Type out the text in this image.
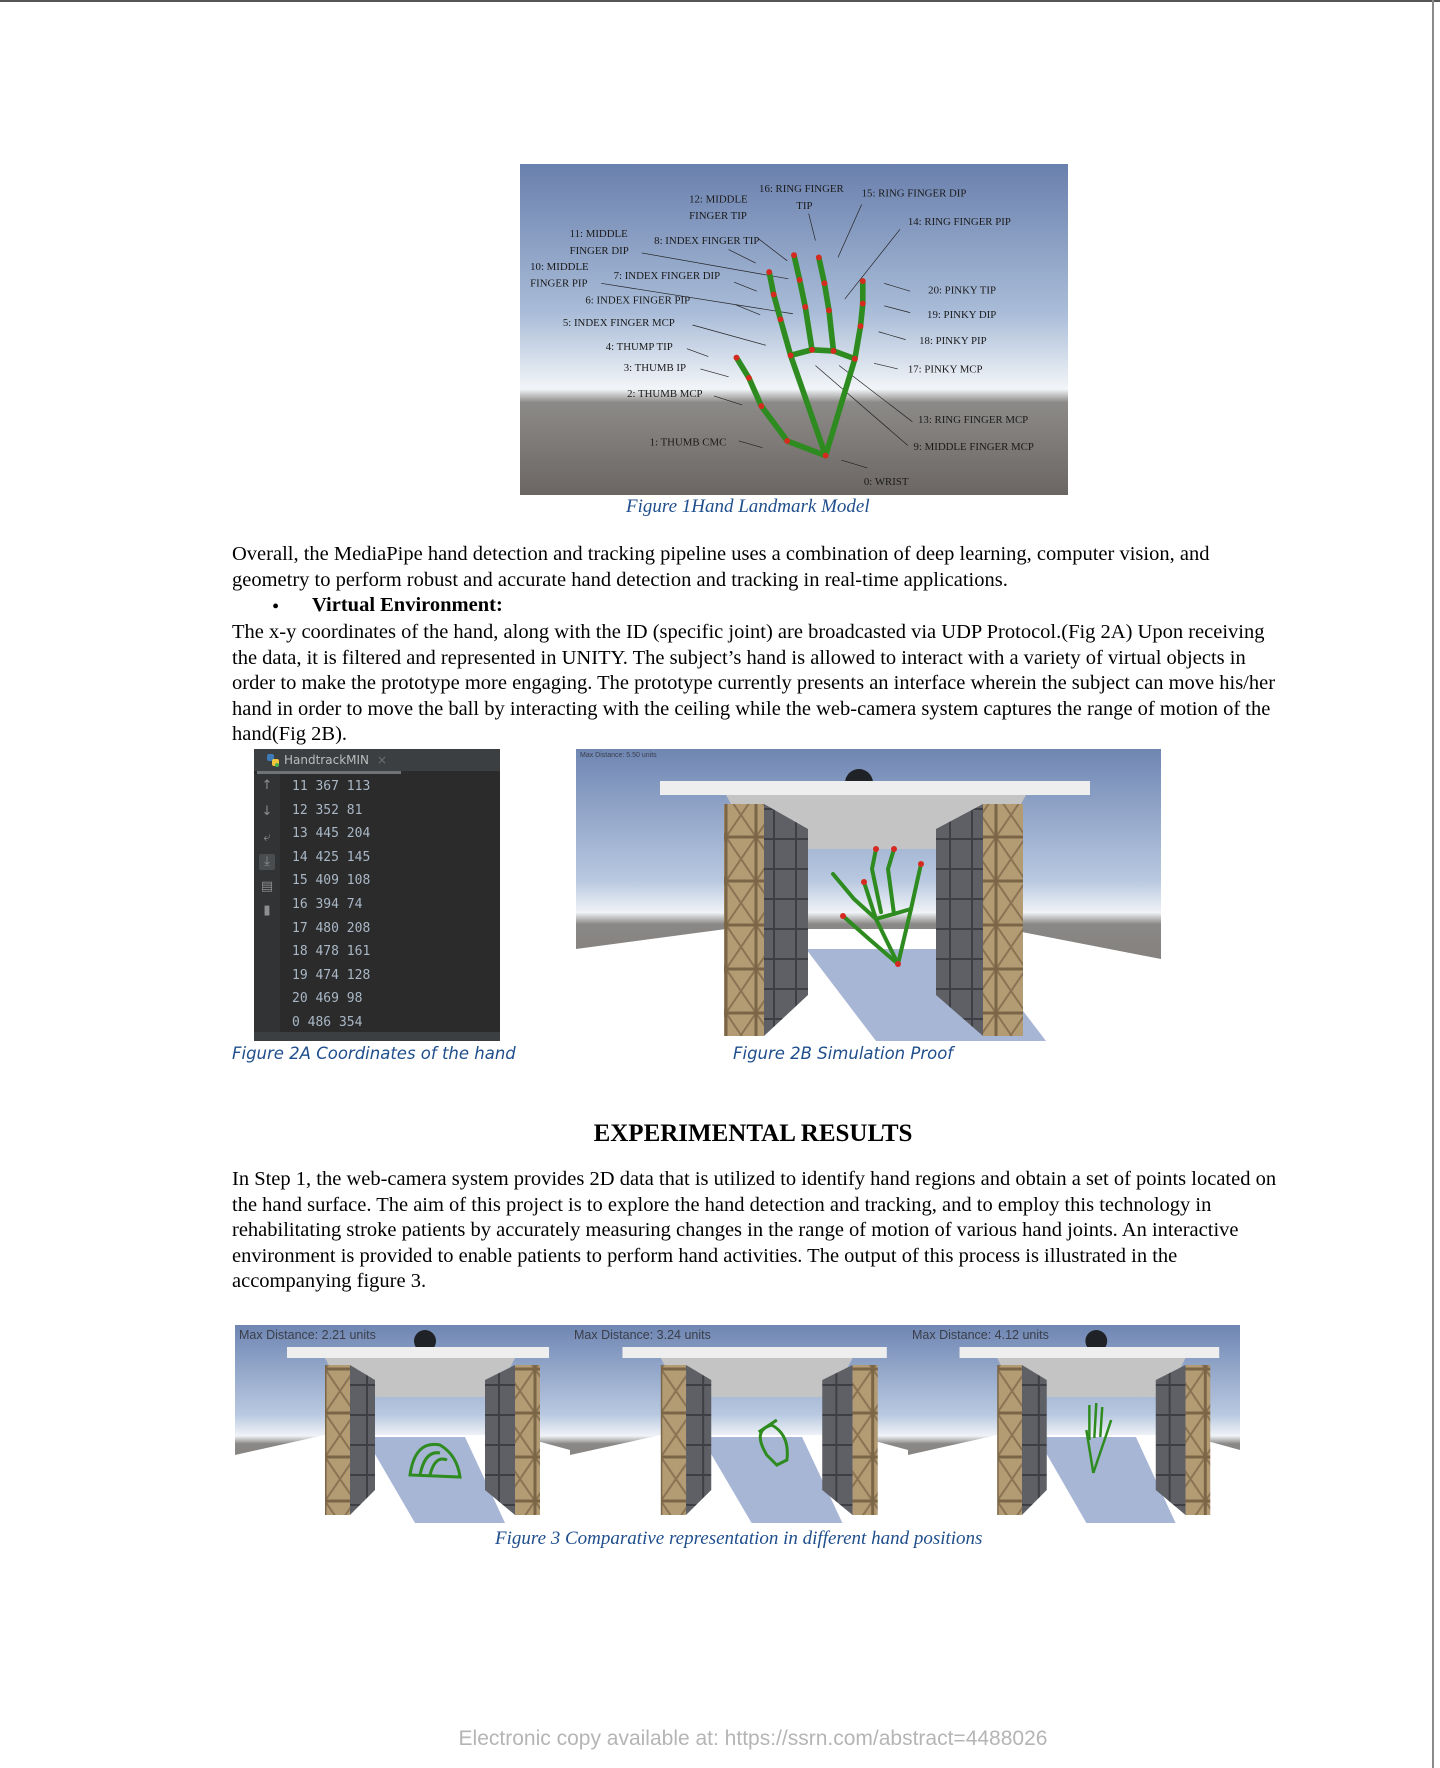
12: MIDDLE
FINGER TIP
16: RING FINGER
TIP
15: RING FINGER DIP
14: RING FINGER PIP
11: MIDDLE
FINGER DIP
8: INDEX FINGER TIP
10: MIDDLE
FINGER PIP
7: INDEX FINGER DIP
6: INDEX FINGER PIP
5: INDEX FINGER MCP
4: THUMP TIP
3: THUMB IP
2: THUMB MCP
1: THUMB CMC
0: WRIST
20: PINKY TIP
19: PINKY DIP
18: PINKY PIP
17: PINKY MCP
13: RING FINGER MCP
9: MIDDLE FINGER MCP
Figure 1Hand Landmark Model

Overall, the MediaPipe hand detection and tracking pipeline uses a combination of deep learning, computer vision, and geometry to perform robust and accurate hand detection and tracking in real-time applications.

• Virtual Environment:

The x-y coordinates of the hand, along with the ID (specific joint) are broadcasted via UDP Protocol.(Fig 2A) Upon receiving the data, it is filtered and represented in UNITY. The subject’s hand is allowed to interact with a variety of virtual objects in order to make the prototype more engaging. The prototype currently presents an interface wherein the subject can move his/her hand in order to move the ball by interacting with the ceiling while the web-camera system captures the range of motion of the hand(Fig 2B).

HandtrackMIN ×
↑
↓
⤶
⤓
▤
▮
11 367 113
12 352 81
13 445 204
14 425 145
15 409 108
16 394 74
17 480 208
18 478 161
19 474 128
20 469 98
0 486 354
Figure 2A Coordinates of the hand
Max Distance: 5.50 units
Figure 2B Simulation Proof
EXPERIMENTAL RESULTS

In Step 1, the web-camera system provides 2D data that is utilized to identify hand regions and obtain a set of points located on the hand surface. The aim of this project is to explore the hand detection and tracking, and to employ this technology in rehabilitating stroke patients by accurately measuring changes in the range of motion of various hand joints. An interactive environment is provided to enable patients to perform hand activities. The output of this process is illustrated in the accompanying figure 3.

Max Distance: 2.21 units	Max Distance: 3.24 units	Max Distance: 4.12 units
Figure 3 Comparative representation in different hand positions
Electronic copy available at: https://ssrn.com/abstract=4488026
